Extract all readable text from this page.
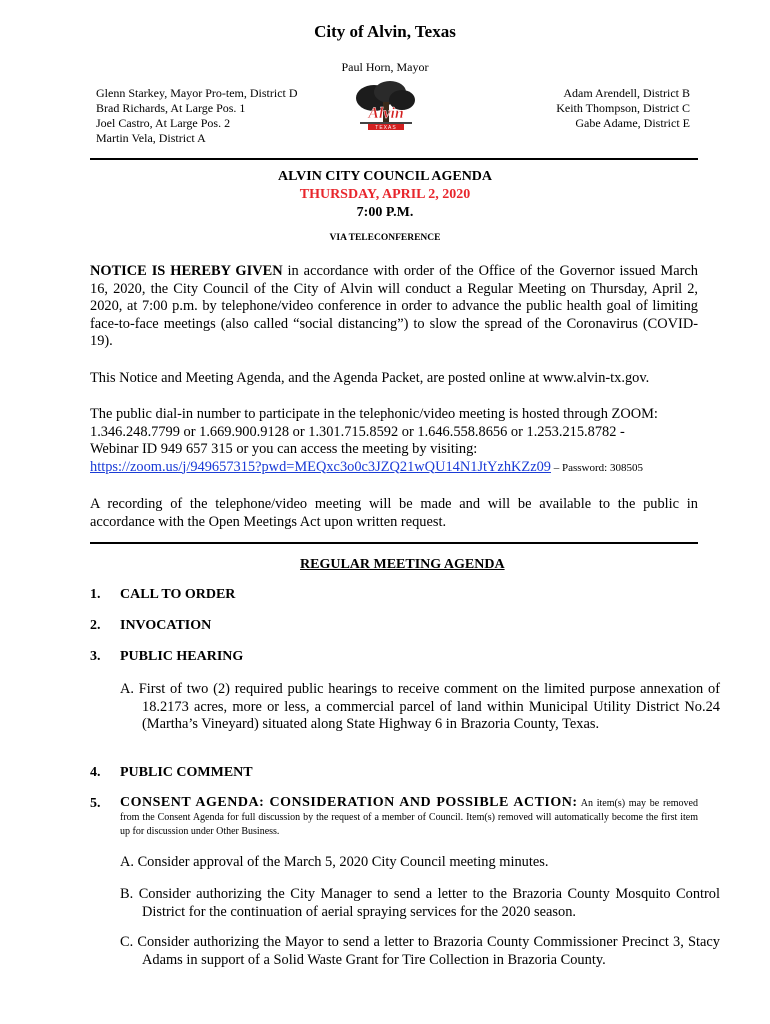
City of Alvin, Texas
Paul Horn, Mayor
Glenn Starkey, Mayor Pro-tem, District D
Brad Richards, At Large Pos. 1
Joel Castro, At Large Pos. 2
Martin Vela, District A
Adam Arendell, District B
Keith Thompson, District C
Gabe Adame, District E
Alvin
TEXAS
ALVIN CITY COUNCIL AGENDA
THURSDAY, APRIL 2, 2020
7:00 P.M.
VIA TELECONFERENCE
NOTICE IS HEREBY GIVEN in accordance with order of the Office of the Governor issued March 16, 2020, the City Council of the City of Alvin will conduct a Regular Meeting on Thursday, April 2, 2020, at 7:00 p.m. by telephone/video conference in order to advance the public health goal of limiting face-to-face meetings (also called “social distancing”) to slow the spread of the Coronavirus (COVID-19).
This Notice and Meeting Agenda, and the Agenda Packet, are posted online at www.alvin-tx.gov.
The public dial-in number to participate in the telephonic/video meeting is hosted through ZOOM:
1.346.248.7799 or 1.669.900.9128 or 1.301.715.8592 or 1.646.558.8656 or 1.253.215.8782 -
Webinar ID 949 657 315 or you can access the meeting by visiting:
https://zoom.us/j/949657315?pwd=MEQxc3o0c3JZQ21wQU14N1JtYzhKZz09 – Password: 308505
A recording of the telephone/video meeting will be made and will be available to the public in accordance with the Open Meetings Act upon written request.
REGULAR MEETING AGENDA
1.	CALL TO ORDER
2.	INVOCATION
3.	PUBLIC HEARING
A. First of two (2) required public hearings to receive comment on the limited purpose annexation of 18.2173 acres, more or less, a commercial parcel of land within Municipal Utility District No.24 (Martha’s Vineyard) situated along State Highway 6 in Brazoria County, Texas.
4.	PUBLIC COMMENT
5.	CONSENT AGENDA: CONSIDERATION AND POSSIBLE ACTION: An item(s) may be removed from the Consent Agenda for full discussion by the request of a member of Council. Item(s) removed will automatically become the first item up for discussion under Other Business.
A. Consider approval of the March 5, 2020 City Council meeting minutes.
B. Consider authorizing the City Manager to send a letter to the Brazoria County Mosquito Control District for the continuation of aerial spraying services for the 2020 season.
C. Consider authorizing the Mayor to send a letter to Brazoria County Commissioner Precinct 3, Stacy Adams in support of a Solid Waste Grant for Tire Collection in Brazoria County.
